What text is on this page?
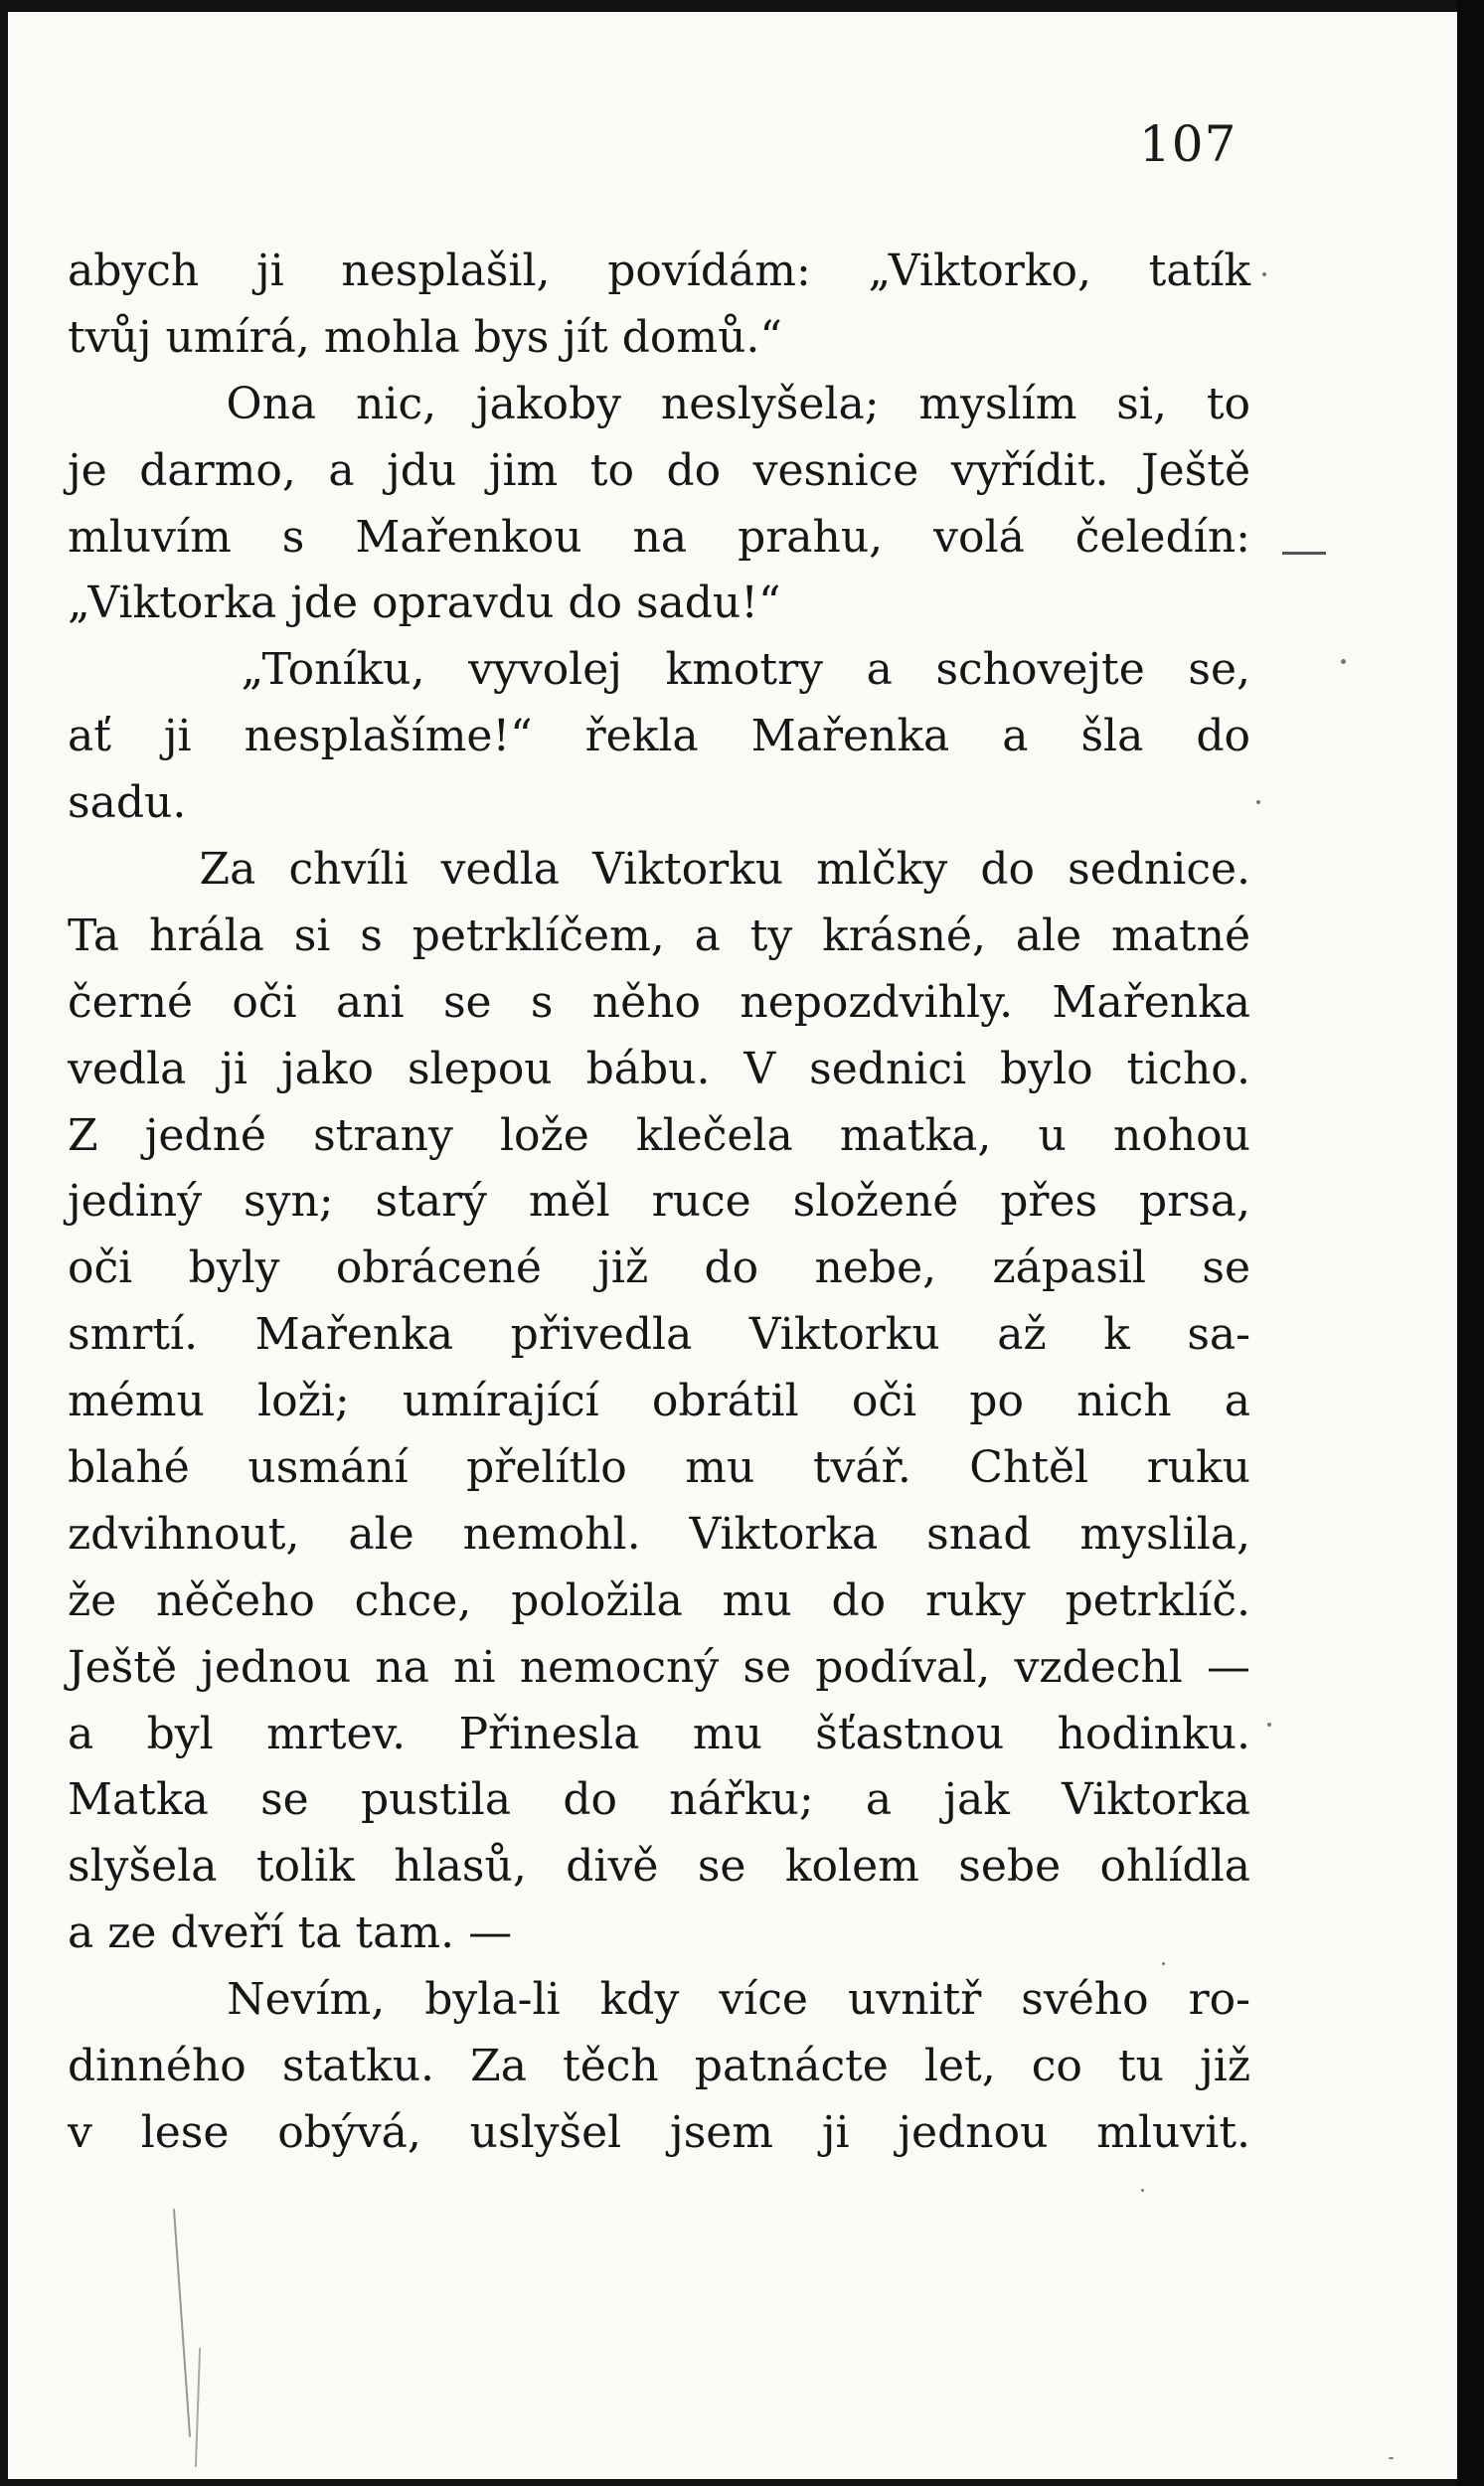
107
abych ji nesplašil, povídám: „Viktorko, tatík
tvůj umírá, mohla bys jít domů.“
Ona nic, jakoby neslyšela; myslím si, to
je darmo, a jdu jim to do vesnice vyřídit. Ještě
mluvím s Mařenkou na prahu, volá čeledín:
„Viktorka jde opravdu do sadu!“
„Toníku, vyvolej kmotry a schovejte se,
ať ji nesplašíme!“ řekla Mařenka a šla do
sadu.
Za chvíli vedla Viktorku mlčky do sednice.
Ta hrála si s petrklíčem, a ty krásné, ale matné
černé oči ani se s něho nepozdvihly. Mařenka
vedla ji jako slepou bábu. V sednici bylo ticho.
Z jedné strany lože klečela matka, u nohou
jediný syn; starý měl ruce složené přes prsa,
oči byly obrácené již do nebe, zápasil se
smrtí. Mařenka přivedla Viktorku až k sa-
mému loži; umírající obrátil oči po nich a
blahé usmání přelítlo mu tvář. Chtěl ruku
zdvihnout, ale nemohl. Viktorka snad myslila,
že něčeho chce, položila mu do ruky petrklíč.
Ještě jednou na ni nemocný se podíval, vzdechl —
a byl mrtev. Přinesla mu šťastnou hodinku.
Matka se pustila do nářku; a jak Viktorka
slyšela tolik hlasů, divě se kolem sebe ohlídla
a ze dveří ta tam. —
Nevím, byla-li kdy více uvnitř svého ro-
dinného statku. Za těch patnácte let, co tu již
v lese obývá, uslyšel jsem ji jednou mluvit.
